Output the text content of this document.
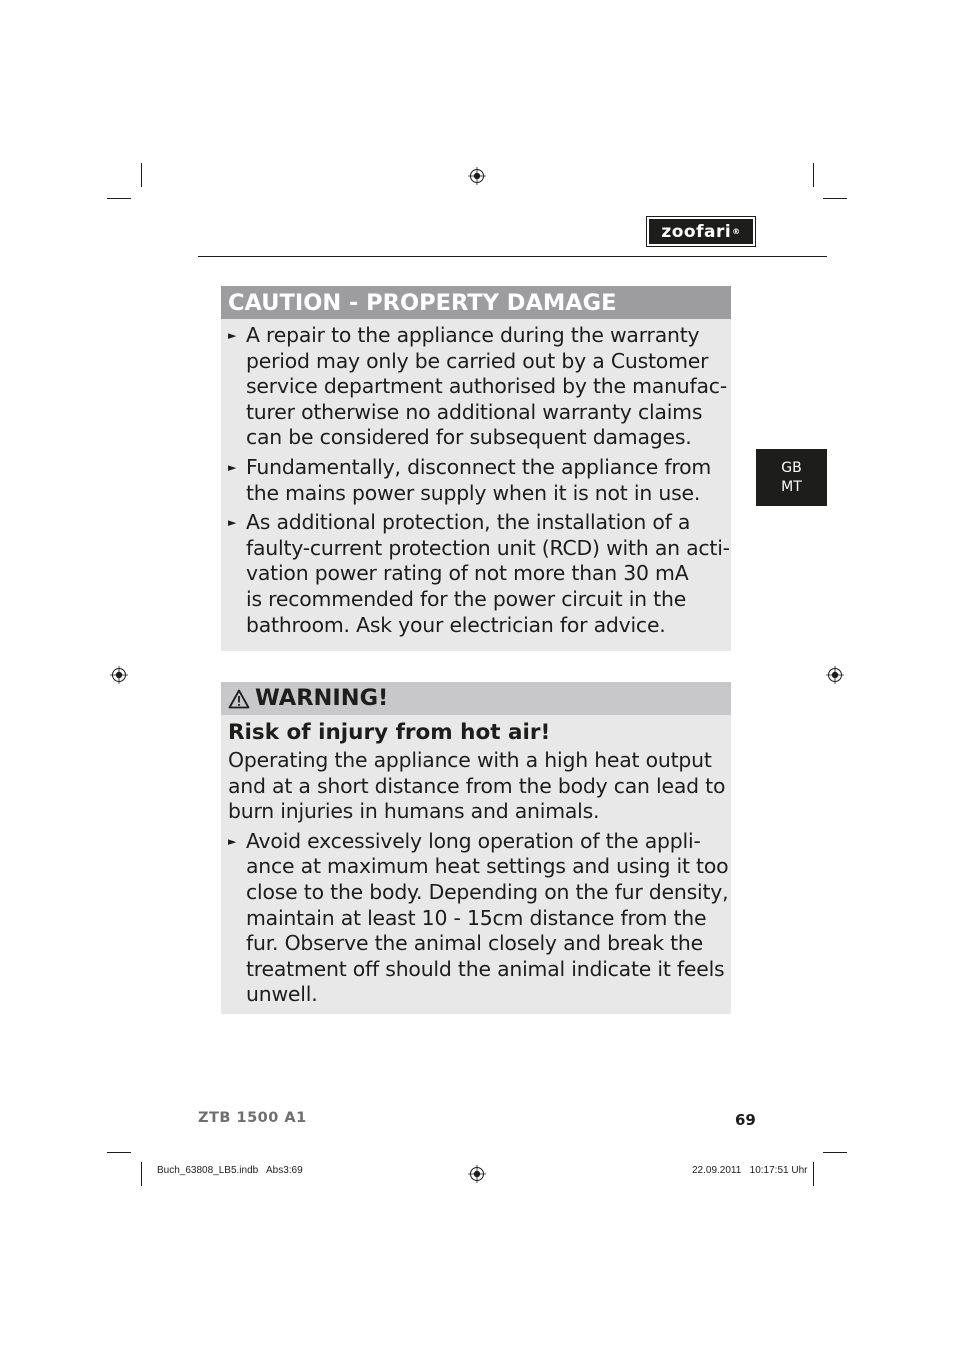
zoofari ®
GB
MT
CAUTION - PROPERTY DAMAGE
► A repair to the appliance during the warranty
period may only be carried out by a Customer
service department authorised by the manufac-
turer otherwise no additional warranty claims
can be considered for subsequent damages.
► Fundamentally, disconnect the appliance from
the mains power supply when it is not in use.
► As additional protection, the installation of a
faulty-current protection unit (RCD) with an acti-
vation power rating of not more than 30 mA
is recommended for the power circuit in the
bathroom. Ask your electrician for advice.
WARNING!
Risk of injury from hot air!
Operating the appliance with a high heat output
and at a short distance from the body can lead to
burn injuries in humans and animals.
► Avoid excessively long operation of the appli-
ance at maximum heat settings and using it too
close to the body. Depending on the fur density,
maintain at least 10 - 15cm distance from the
fur. Observe the animal closely and break the
treatment off should the animal indicate it feels
unwell.
ZTB 1500 A1	69
Buch_63808_LB5.indb   Abs3:69	22.09.2011   10:17:51 Uhr
